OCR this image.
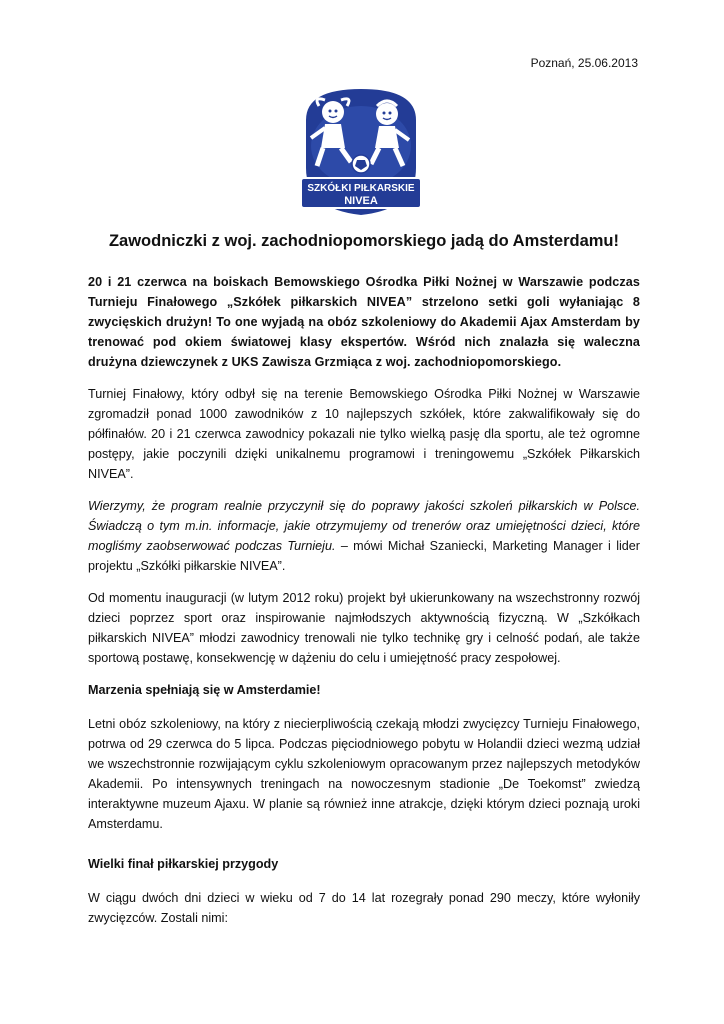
Poznań, 25.06.2013
SZKÓŁKI PIŁKARSKIE
NIVEA
Zawodniczki z woj. zachodniopomorskiego jadą do Amsterdamu!

20 i 21 czerwca na boiskach Bemowskiego Ośrodka Piłki Nożnej w Warszawie podczas Turnieju Finałowego „Szkółek piłkarskich NIVEA” strzelono setki goli wyłaniając 8 zwycięskich drużyn! To one wyjadą na obóz szkoleniowy do Akademii Ajax Amsterdam by trenować pod okiem światowej klasy ekspertów. Wśród nich znalazła się waleczna drużyna dziewczynek z UKS Zawisza Grzmiąca z woj. zachodniopomorskiego.

Turniej Finałowy, który odbył się na terenie Bemowskiego Ośrodka Piłki Nożnej w Warszawie zgromadził ponad 1000 zawodników z 10 najlepszych szkółek, które zakwalifikowały się do półfinałów. 20 i 21 czerwca zawodnicy pokazali nie tylko wielką pasję dla sportu, ale też ogromne postępy, jakie poczynili dzięki unikalnemu programowi i treningowemu „Szkółek Piłkarskich NIVEA”.

Wierzymy, że program realnie przyczynił się do poprawy jakości szkoleń piłkarskich w Polsce. Świadczą o tym m.in. informacje, jakie otrzymujemy od trenerów oraz umiejętności dzieci, które mogliśmy zaobserwować podczas Turnieju. – mówi Michał Szaniecki, Marketing Manager i lider projektu „Szkółki piłkarskie NIVEA”.

Od momentu inauguracji (w lutym 2012 roku) projekt był ukierunkowany na wszechstronny rozwój dzieci poprzez sport oraz inspirowanie najmłodszych aktywnością fizyczną. W „Szkółkach piłkarskich NIVEA” młodzi zawodnicy trenowali nie tylko technikę gry i celność podań, ale także sportową postawę, konsekwencję w dążeniu do celu i umiejętność pracy zespołowej.

Marzenia spełniają się w Amsterdamie!

Letni obóz szkoleniowy, na który z niecierpliwością czekają młodzi zwycięzcy Turnieju Finałowego, potrwa od 29 czerwca do 5 lipca. Podczas pięciodniowego pobytu w Holandii dzieci wezmą udział we wszechstronnie rozwijającym cyklu szkoleniowym opracowanym przez najlepszych metodyków Akademii. Po intensywnych treningach na nowoczesnym stadionie „De Toekomst” zwiedzą interaktywne muzeum Ajaxu. W planie są również inne atrakcje, dzięki którym dzieci poznają uroki Amsterdamu.

Wielki finał piłkarskiej przygody

W ciągu dwóch dni dzieci w wieku od 7 do 14 lat rozegrały ponad 290 meczy, które wyłoniły zwycięzców. Zostali nimi:
